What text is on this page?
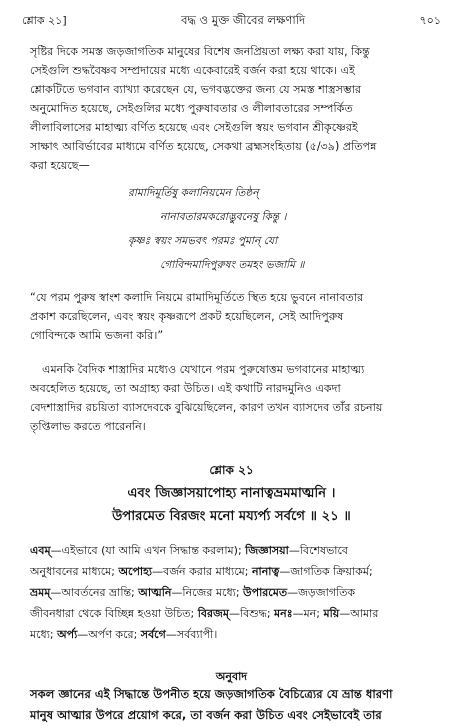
শ্লোক ২১]	বদ্ধ ও মুক্ত জীবের লক্ষণাদি	৭০১
সৃষ্টির দিকে সমস্ত জড়জাগতিক মানুষের বিশেষ জনপ্রিয়তা লক্ষ্য করা যায়, কিন্তু
সেইগুলি শুদ্ধবৈষ্ণব সম্প্রদায়ের মধ্যে একেবারেই বর্জন করা হয়ে থাকে। এই
শ্লোকটিতে ভগবান ব্যাখ্যা করেছেন যে, ভগবদ্ভক্তের জন্য যে সমস্ত শাস্ত্রসম্ভার
অনুমোদিত হয়েছে, সেইগুলির মধ্যে পুরুষাবতার ও লীলাবতারের সম্পর্কিত
লীলাবিলাসের মাহাত্ম্য বর্ণিত হয়েছে এবং সেইগুলি স্বয়ং ভগবান শ্রীকৃষ্ণেরই
সাক্ষাৎ আবির্ভাবের মাধ্যমে বর্ণিত হয়েছে, সেকথা ব্রহ্মসংহিতায় (৫/৩৯) প্রতিপন্ন
করা হয়েছে—
রামাদিমূর্তিষু কলানিয়মেন তিষ্ঠন্
নানাবতারমকরোদ্ভুবনেষু কিন্তু ।
কৃষ্ণঃ স্বয়ং সমভবৎ পরমঃ পুমান্ যো
গোবিন্দমাদিপুরুষং তমহং ভজামি ॥
“যে পরম পুরুষ স্বাংশ কলাদি নিয়মে রামাদিমূর্তিতে স্থিত হয়ে ভুবনে নানাবতার
প্রকাশ করেছিলেন, এবং স্বয়ং কৃষ্ণরূপে প্রকট হয়েছিলেন, সেই আদিপুরুষ
গোবিন্দকে আমি ভজনা করি।”
এমনকি বৈদিক শাস্ত্রাদির মধ্যেও যেখানে পরম পুরুষোত্তম ভগবানের মাহাত্ম্য
অবহেলিত হয়েছে, তা অগ্রাহ্য করা উচিত। এই কথাটি নারদমুনিও একদা
বেদশাস্ত্রাদির রচয়িতা ব্যাসদেবকে বুঝিয়েছিলেন, কারণ তখন ব্যাসদেব তাঁর রচনায়
তৃপ্তিলাভ করতে পারেননি।
শ্লোক ২১
এবং জিজ্ঞাসয়াপোহ্য নানাত্বভ্রমমাত্মনি ।
উপারমেত বিরজং মনো ময্যর্প্য সর্বগে ॥ ২১ ॥
এবম্—এইভাবে (যা আমি এখন সিদ্ধান্ত করলাম); জিজ্ঞাসয়া—বিশেষভাবে
অনুধাবনের মাধ্যমে; অপোহ্য—বর্জন করার মাধ্যমে; নানাত্ব—জাগতিক ক্রিয়াকর্ম;
ভ্রমম্—আবর্তনের ভ্রান্তি; আত্মনি—নিজের মধ্যে; উপারমেত—জড়জাগতিক
জীবনধারা থেকে বিচ্ছিন্ন হওয়া উচিত; বিরজম্—বিশুদ্ধ; মনঃ—মন; ময়ি—আমার
মধ্যে; অর্প্য—অর্পণ করে; সর্বগে—সর্বব্যাপী।
অনুবাদ
সকল জ্ঞানের এই সিদ্ধান্তে উপনীত হয়ে জড়জাগতিক বৈচিত্র্যের যে ভ্রান্ত ধারণা
মানুষ আত্মার উপরে প্রয়োগ করে, তা বর্জন করা উচিত এবং সেইভাবেই তার
